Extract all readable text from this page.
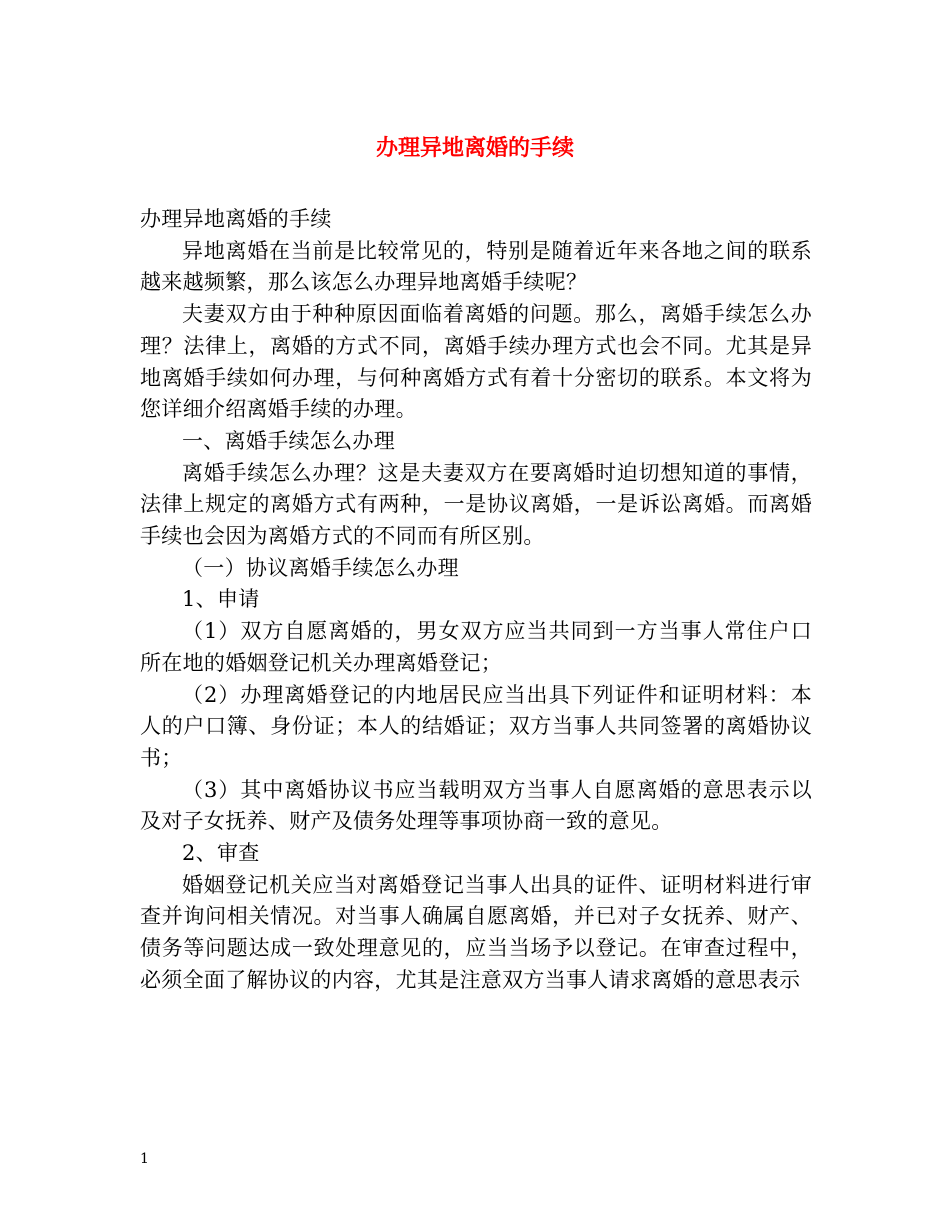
办理异地离婚的手续

办理异地离婚的手续

异地离婚在当前是比较常见的，特别是随着近年来各地之间的联系越来越频繁，那么该怎么办理异地离婚手续呢？

夫妻双方由于种种原因面临着离婚的问题。那么，离婚手续怎么办理？法律上，离婚的方式不同，离婚手续办理方式也会不同。尤其是异地离婚手续如何办理，与何种离婚方式有着十分密切的联系。本文将为您详细介绍离婚手续的办理。

一、离婚手续怎么办理

离婚手续怎么办理？这是夫妻双方在要离婚时迫切想知道的事情，法律上规定的离婚方式有两种，一是协议离婚，一是诉讼离婚。而离婚手续也会因为离婚方式的不同而有所区别。

（一）协议离婚手续怎么办理

1、申请

（1）双方自愿离婚的，男女双方应当共同到一方当事人常住户口所在地的婚姻登记机关办理离婚登记；

（2）办理离婚登记的内地居民应当出具下列证件和证明材料：本人的户口簿、身份证；本人的结婚证；双方当事人共同签署的离婚协议书；

（3）其中离婚协议书应当载明双方当事人自愿离婚的意思表示以及对子女抚养、财产及债务处理等事项协商一致的意见。

2、审查

婚姻登记机关应当对离婚登记当事人出具的证件、证明材料进行审查并询问相关情况。对当事人确属自愿离婚，并已对子女抚养、财产、债务等问题达成一致处理意见的，应当当场予以登记。在审查过程中，必须全面了解协议的内容，尤其是注意双方当事人请求离婚的意思表示

1
